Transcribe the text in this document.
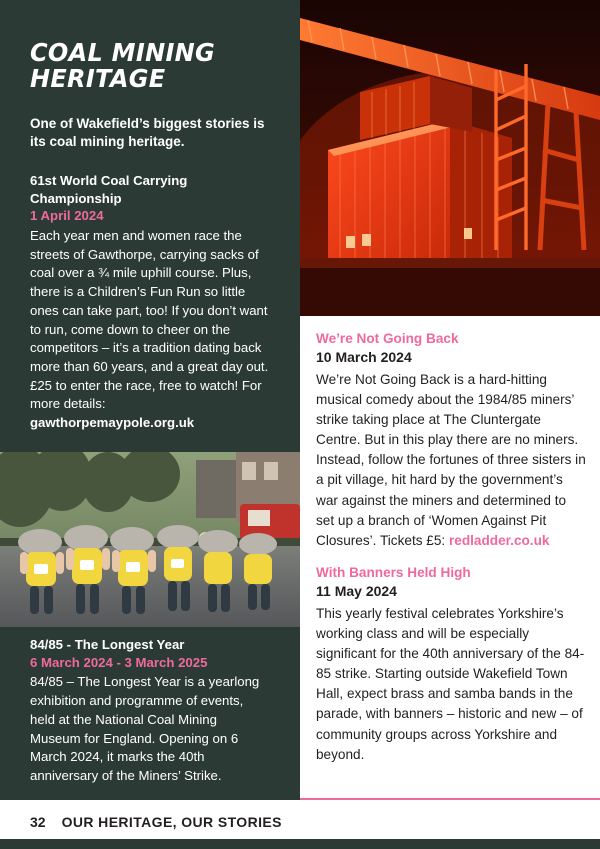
COAL MINING HERITAGE
One of Wakefield’s biggest stories is its coal mining heritage.
61st World Coal Carrying Championship
1 April 2024
Each year men and women race the streets of Gawthorpe, carrying sacks of coal over a ¾ mile uphill course. Plus, there is a Children’s Fun Run so little ones can take part, too! If you don’t want to run, come down to cheer on the competitors – it’s a tradition dating back more than 60 years, and a great day out. £25 to enter the race, free to watch! For more details: gawthorpemaypole.org.uk
84/85 - The Longest Year
6 March 2024 - 3 March 2025
84/85 – The Longest Year is a yearlong exhibition and programme of events, held at the National Coal Mining Museum for England. Opening on 6 March 2024, it marks the 40th anniversary of the Miners’ Strike.
We’re Not Going Back
10 March 2024
We’re Not Going Back is a hard-hitting musical comedy about the 1984/85 miners’ strike taking place at The Cluntergate Centre. But in this play there are no miners. Instead, follow the fortunes of three sisters in a pit village, hit hard by the government’s war against the miners and determined to set up a branch of ‘Women Against Pit Closures’. Tickets £5: redladder.co.uk
With Banners Held High
11 May 2024
This yearly festival celebrates Yorkshire’s working class and will be especially significant for the 40th anniversary of the 84-85 strike. Starting outside Wakefield Town Hall, expect brass and samba bands in the parade, with banners – historic and new – of community groups across Yorkshire and beyond.
32 OUR HERITAGE, OUR STORIES
